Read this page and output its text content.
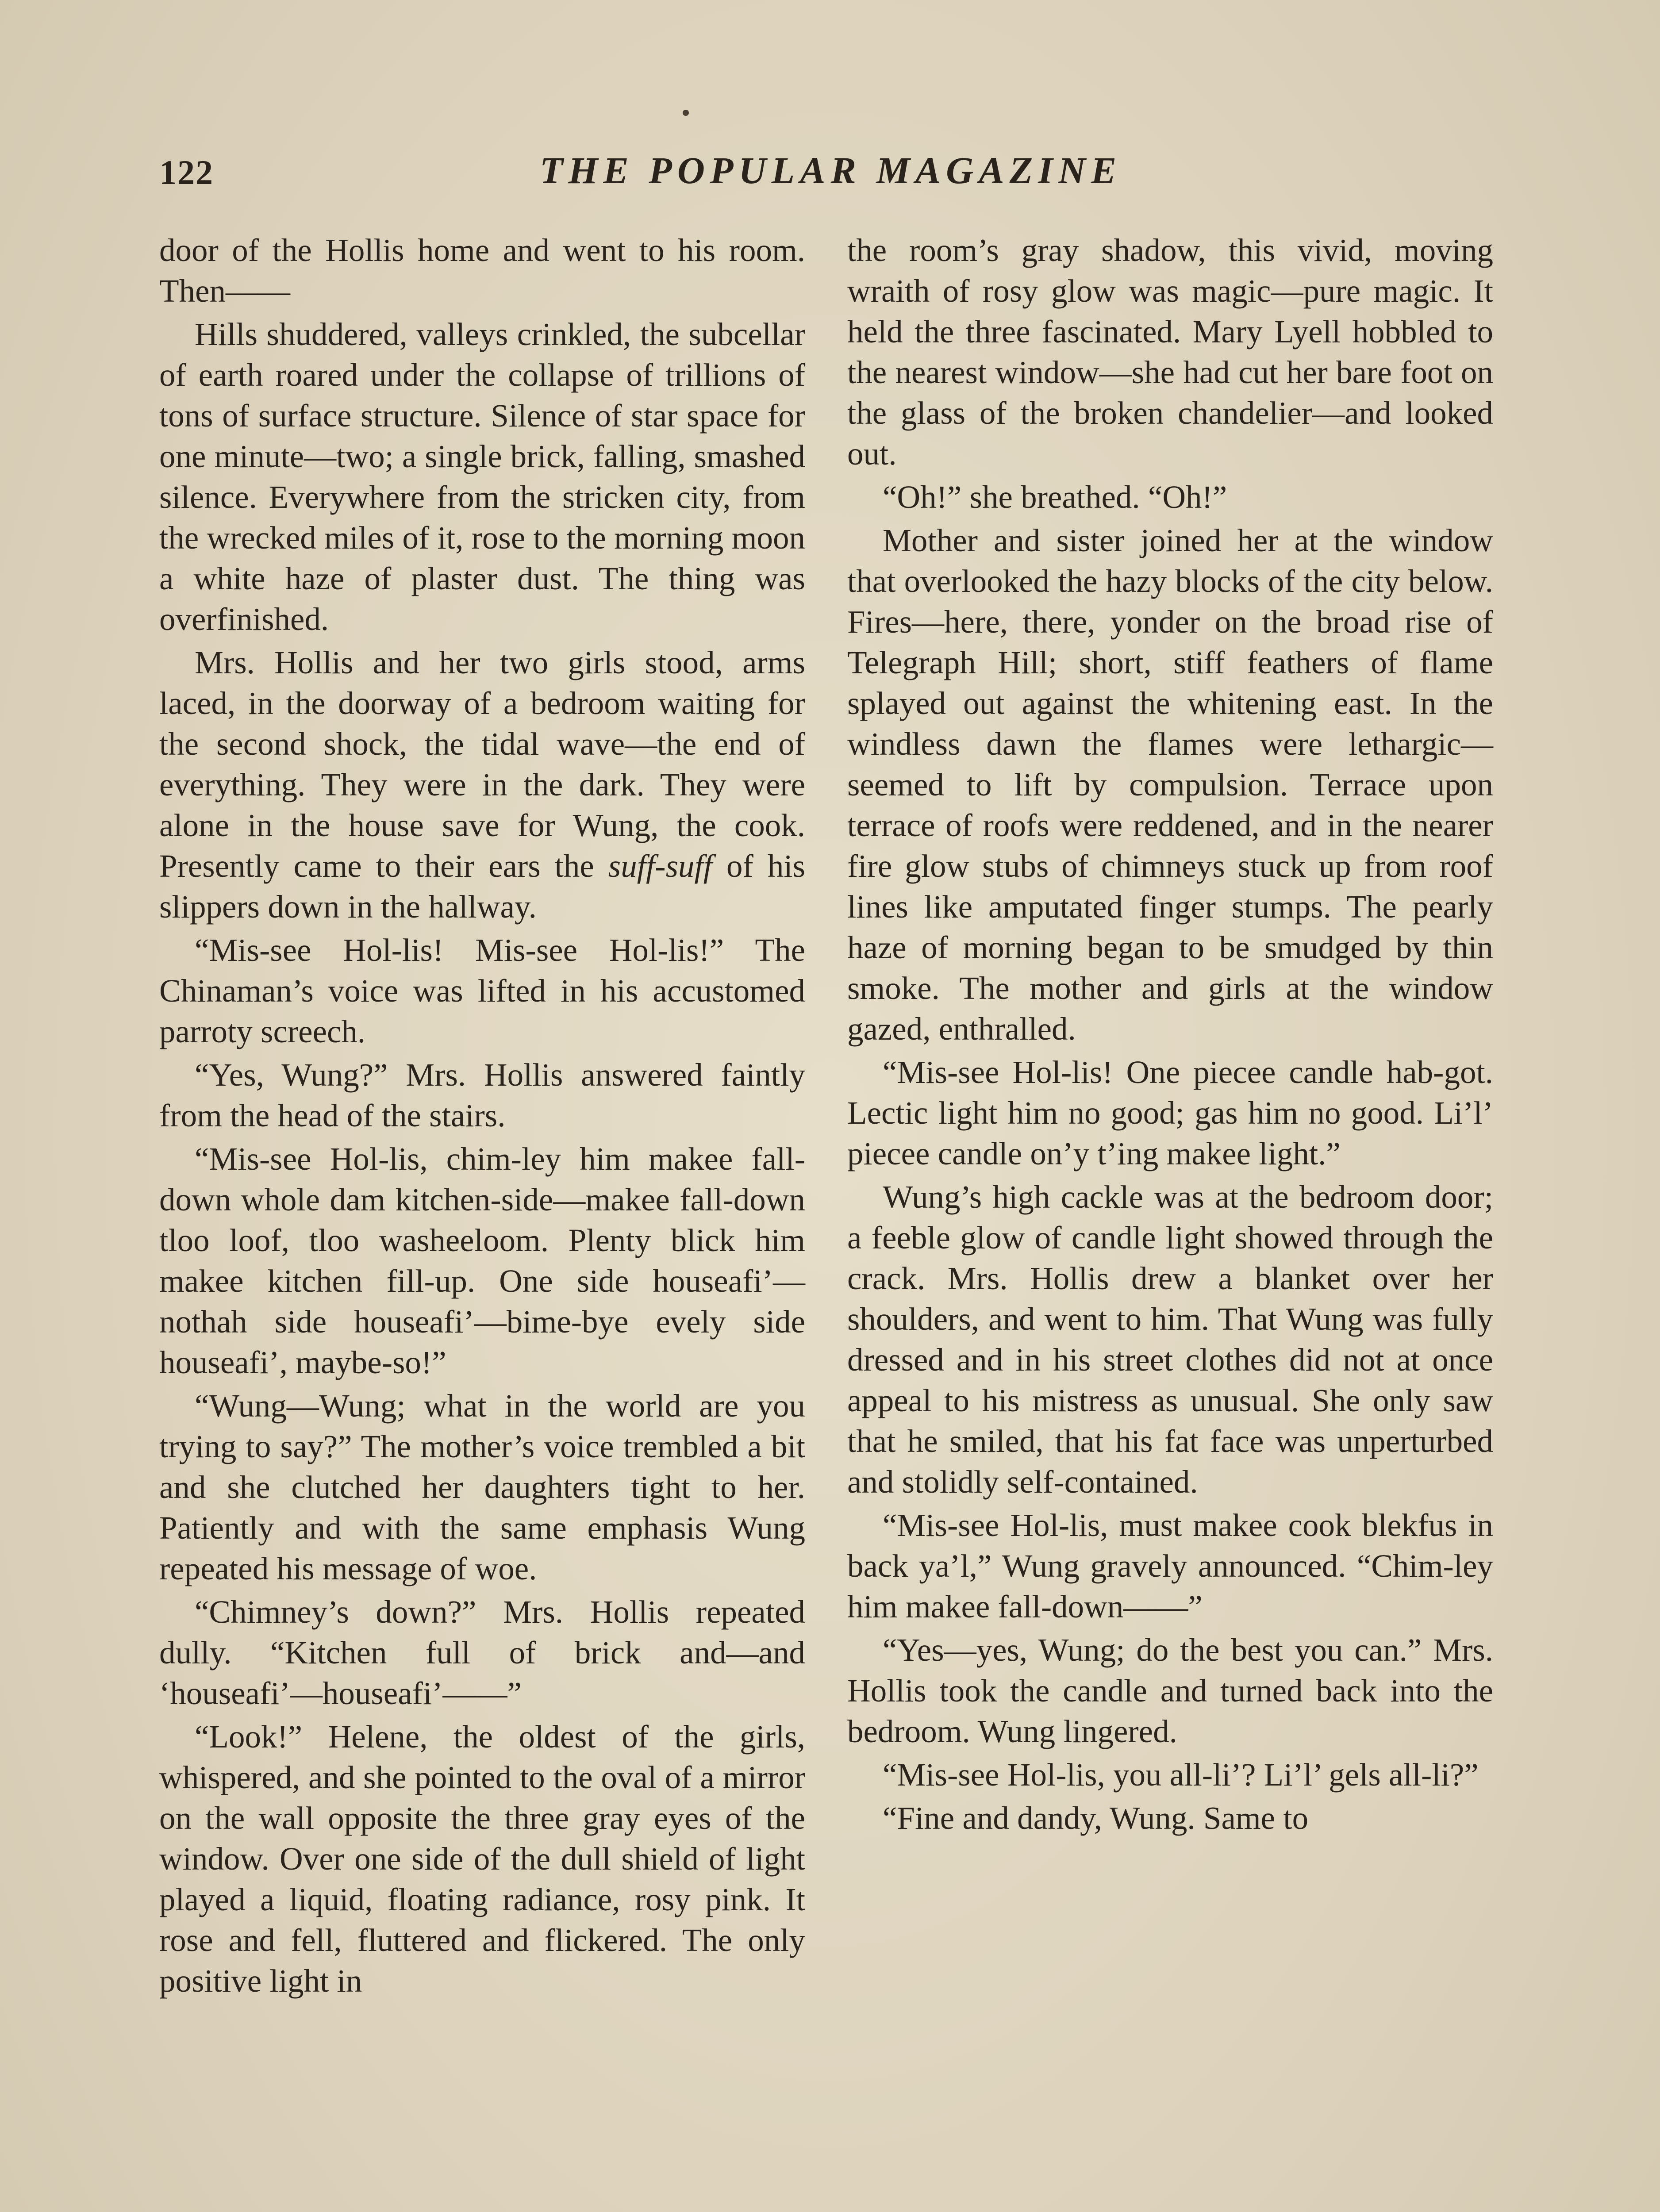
122	THE POPULAR MAGAZINE

door of the Hollis home and went to his room. Then——

Hills shuddered, valleys crinkled, the subcellar of earth roared under the collapse of trillions of tons of surface structure. Silence of star space for one minute—two; a single brick, falling, smashed silence. Everywhere from the stricken city, from the wrecked miles of it, rose to the morning moon a white haze of plaster dust. The thing was overfinished.

Mrs. Hollis and her two girls stood, arms laced, in the doorway of a bedroom waiting for the second shock, the tidal wave—the end of everything. They were in the dark. They were alone in the house save for Wung, the cook. Presently came to their ears the suff-suff of his slippers down in the hallway.

“Mis-see Hol-lis! Mis-see Hol-lis!” The Chinaman’s voice was lifted in his accustomed parroty screech.

“Yes, Wung?” Mrs. Hollis answered faintly from the head of the stairs.

“Mis-see Hol-lis, chim-ley him makee fall-down whole dam kitchen-side—makee fall-down tloo loof, tloo washeeloom. Plenty blick him makee kitchen fill-up. One side houseafi’—nothah side houseafi’—bime-bye evely side houseafi’, maybe-so!”

“Wung—Wung; what in the world are you trying to say?” The mother’s voice trembled a bit and she clutched her daughters tight to her. Patiently and with the same emphasis Wung repeated his message of woe.

“Chimney’s down?” Mrs. Hollis repeated dully. “Kitchen full of brick and—and ‘houseafi’—houseafi’——”

“Look!” Helene, the oldest of the girls, whispered, and she pointed to the oval of a mirror on the wall opposite the three gray eyes of the window. Over one side of the dull shield of light played a liquid, floating radiance, rosy pink. It rose and fell, fluttered and flickered. The only positive light in

the room’s gray shadow, this vivid, moving wraith of rosy glow was magic—pure magic. It held the three fascinated. Mary Lyell hobbled to the nearest window—she had cut her bare foot on the glass of the broken chandelier—and looked out.

“Oh!” she breathed. “Oh!”

Mother and sister joined her at the window that overlooked the hazy blocks of the city below. Fires—here, there, yonder on the broad rise of Telegraph Hill; short, stiff feathers of flame splayed out against the whitening east. In the windless dawn the flames were lethargic—seemed to lift by compulsion. Terrace upon terrace of roofs were reddened, and in the nearer fire glow stubs of chimneys stuck up from roof lines like amputated finger stumps. The pearly haze of morning began to be smudged by thin smoke. The mother and girls at the window gazed, enthralled.

“Mis-see Hol-lis! One piecee candle hab-got. Lectic light him no good; gas him no good. Li’l’ piecee candle on’y t’ing makee light.”

Wung’s high cackle was at the bedroom door; a feeble glow of candle light showed through the crack. Mrs. Hollis drew a blanket over her shoulders, and went to him. That Wung was fully dressed and in his street clothes did not at once appeal to his mistress as unusual. She only saw that he smiled, that his fat face was unperturbed and stolidly self-contained.

“Mis-see Hol-lis, must makee cook blekfus in back ya’l,” Wung gravely announced. “Chim-ley him makee fall-down——”

“Yes—yes, Wung; do the best you can.” Mrs. Hollis took the candle and turned back into the bedroom. Wung lingered.

“Mis-see Hol-lis, you all-li’? Li’l’ gels all-li?”

“Fine and dandy, Wung. Same to
